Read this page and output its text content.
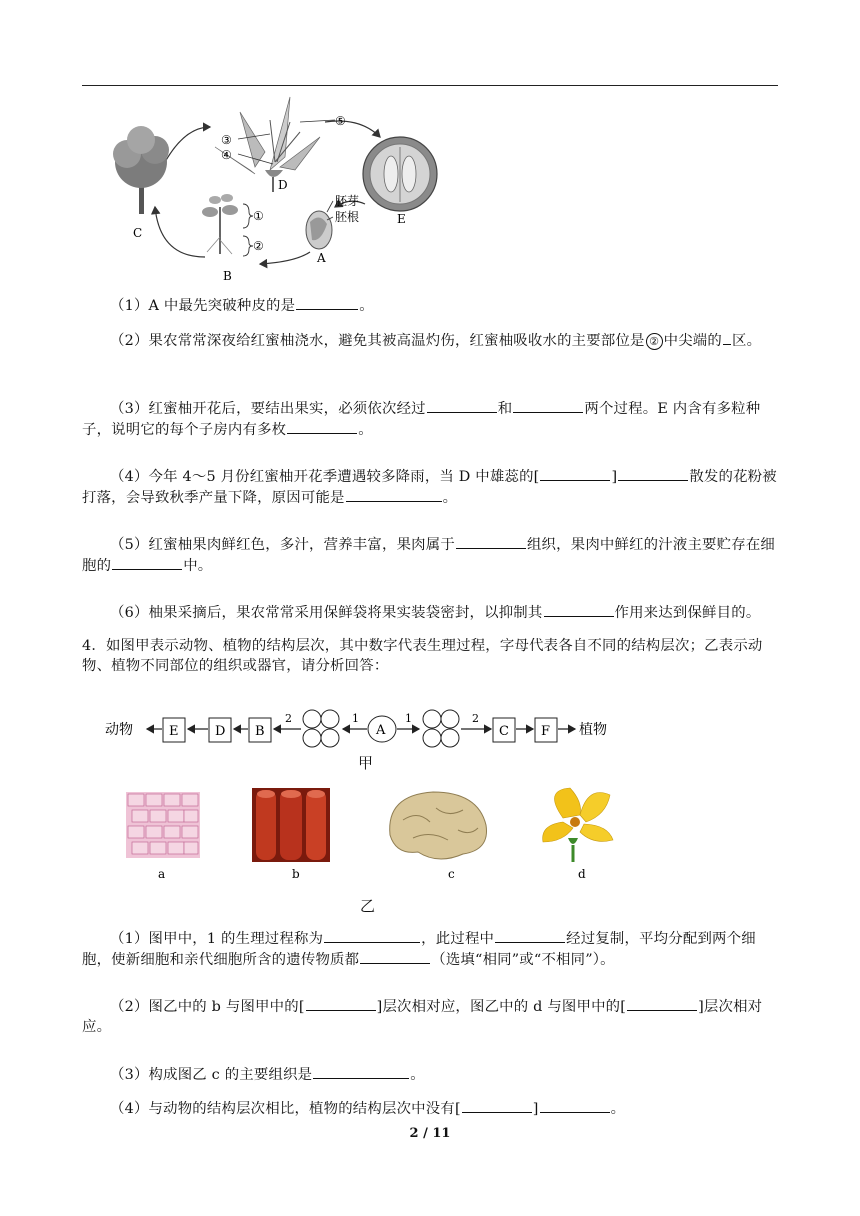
C
③
④
⑤
D
E
胚芽
胚根
A
①
②
B
（1）A 中最先突破种皮的是	。
（2）果农常常深夜给红蜜柚浇水，避免其被高温灼伤，红蜜柚吸收水的主要部位是 ② 中尖端的 区。
（3）红蜜柚开花后，要结出果实，必须依次经过	和	两个过程。E 内含有多粒种子，说明它的每个子房内有多枚	。
（4）今年 4～5 月份红蜜柚开花季遭遇较多降雨，当 D 中雄蕊的[	]	散发的花粉被打落，会导致秋季产量下降，原因可能是	。
（5）红蜜柚果肉鲜红色，多汁，营养丰富，果肉属于	组织，果肉中鲜红的汁液主要贮存在细胞的	中。
（6）柚果采摘后，果农常常采用保鲜袋将果实装袋密封，以抑制其	作用来达到保鲜目的。
4．如图甲表示动物、植物的结构层次，其中数字代表生理过程，字母代表各自不同的结构层次；乙表示动物、植物不同部位的组织或器官，请分析回答：
动物	E	D B
2	1
A
1	2
C F 植物
甲
a	b	c	d
乙
（1）图甲中，1 的生理过程称为	，此过程中	经过复制，平均分配到两个细胞，使新细胞和亲代细胞所含的遗传物质都	（选填“相同”或“不相同”）。
（2）图乙中的 b 与图甲中的[	]层次相对应，图乙中的 d 与图甲中的[	]层次相对应。
（3）构成图乙 c 的主要组织是	。
（4）与动物的结构层次相比，植物的结构层次中没有[	]	。
2 / 11
